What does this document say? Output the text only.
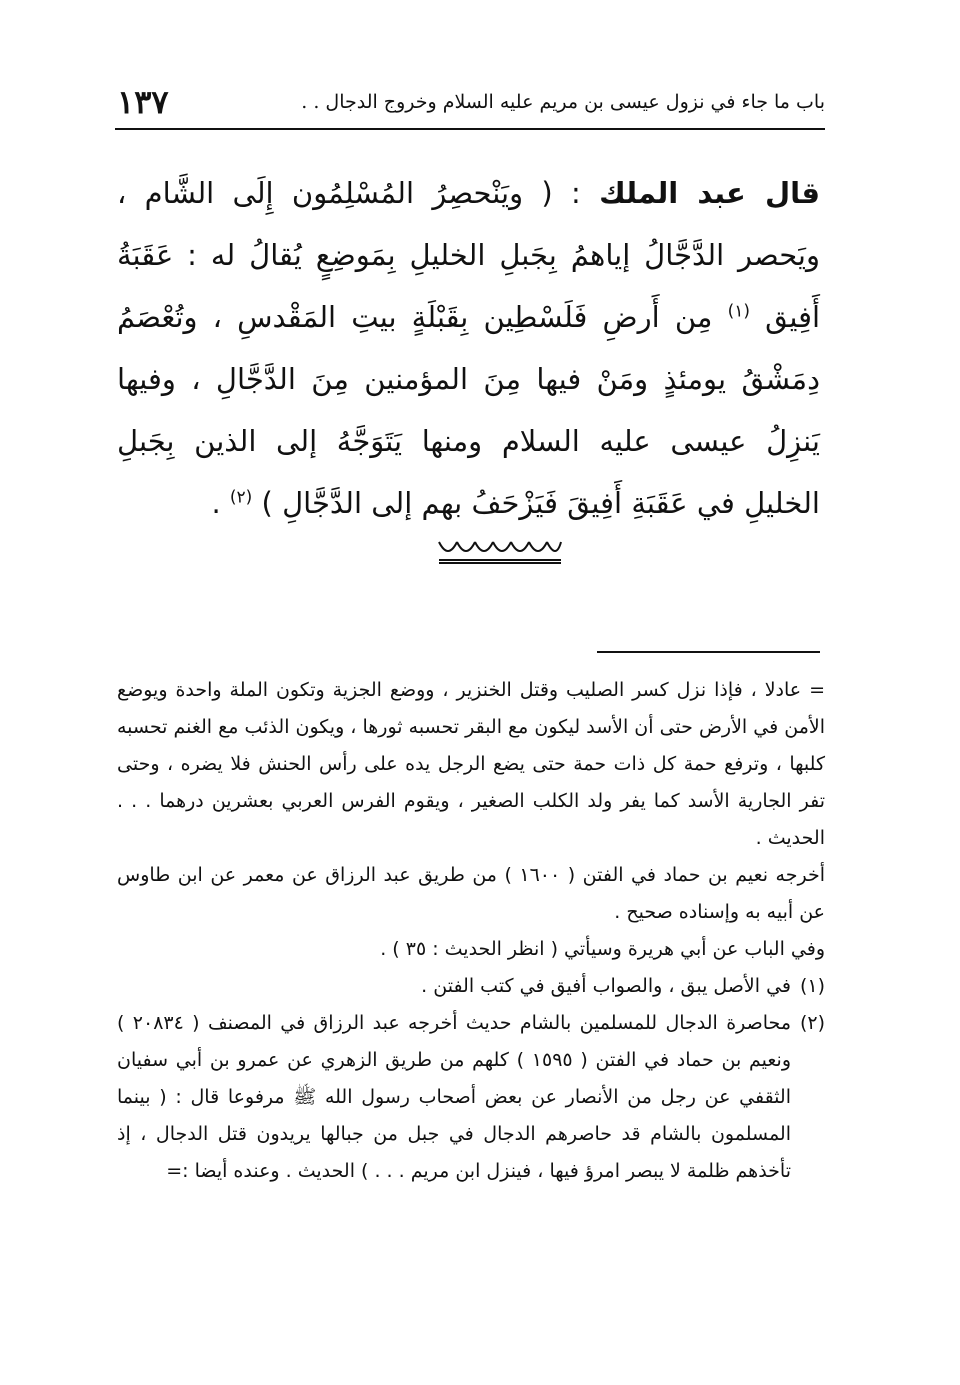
باب ما جاء في نزول عيسى بن مريم عليه السلام وخروج الدجال . .
١٣٧
قال عبد الملك : ( ويَنْحصِرُ المُسْلِمُون إِلَى الشَّام ، ويَحصر الدَّجَّالُ إياهمُ بِجَبلِ الخليلِ بِمَوضِعٍ يُقالُ له : عَقَبَةُ أَفِيق $^{(١)}$ مِن أَرضِ فَلَسْطِين بِقَبْلَةٍ بيتِ المَقْدسِ ، وتُعْصَمُ دِمَشْقُ يومئذٍ ومَنْ فيها مِنَ المؤمنين مِنَ الدَّجَّالِ ، وفيها يَنزِلُ عيسى عليه السلام ومنها يَتَوَجَّهُ إلى الذين بِجَبلِ الخليلِ في عَقَبَةِ أَفِيقَ فَيَزْحَفُ بهم إلى الدَّجَّالِ ) $^{(٢)}$ .
= عادلا ، فإذا نزل كسر الصليب وقتل الخنزير ، ووضع الجزية وتكون الملة واحدة ويوضع الأمن في الأرض حتى أن الأسد ليكون مع البقر تحسبه ثورها ، ويكون الذئب مع الغنم تحسبه كلبها ، وترفع حمة كل ذات حمة حتى يضع الرجل يده على رأس الحنش فلا يضره ، وحتى تفر الجارية الأسد كما يفر ولد الكلب الصغير ، ويقوم الفرس العربي بعشرين درهما . . . الحديث .
أخرجه نعيم بن حماد في الفتن ( ١٦٠٠ ) من طريق عبد الرزاق عن معمر عن ابن طاوس عن أبيه به وإسناده صحيح .
وفي الباب عن أبي هريرة وسيأتي ( انظر الحديث : ٣٥ ) .
(١)
في الأصل يبق ، والصواب أفيق في كتب الفتن .
(٢)
محاصرة الدجال للمسلمين بالشام حديث أخرجه عبد الرزاق في المصنف ( ٢٠٨٣٤ ) ونعيم بن حماد في الفتن ( ١٥٩٥ ) كلهم من طريق الزهري عن عمرو بن أبي سفيان الثقفي عن رجل من الأنصار عن بعض أصحاب رسول الله ﷺ مرفوعا قال : ( بينما المسلمون بالشام قد حاصرهم الدجال في جبل من جبالها يريدون قتل الدجال ، إذ تأخذهم ظلمة لا يبصر امرؤ فيها ، فينزل ابن مريم . . . ) الحديث . وعنده أيضا :=
